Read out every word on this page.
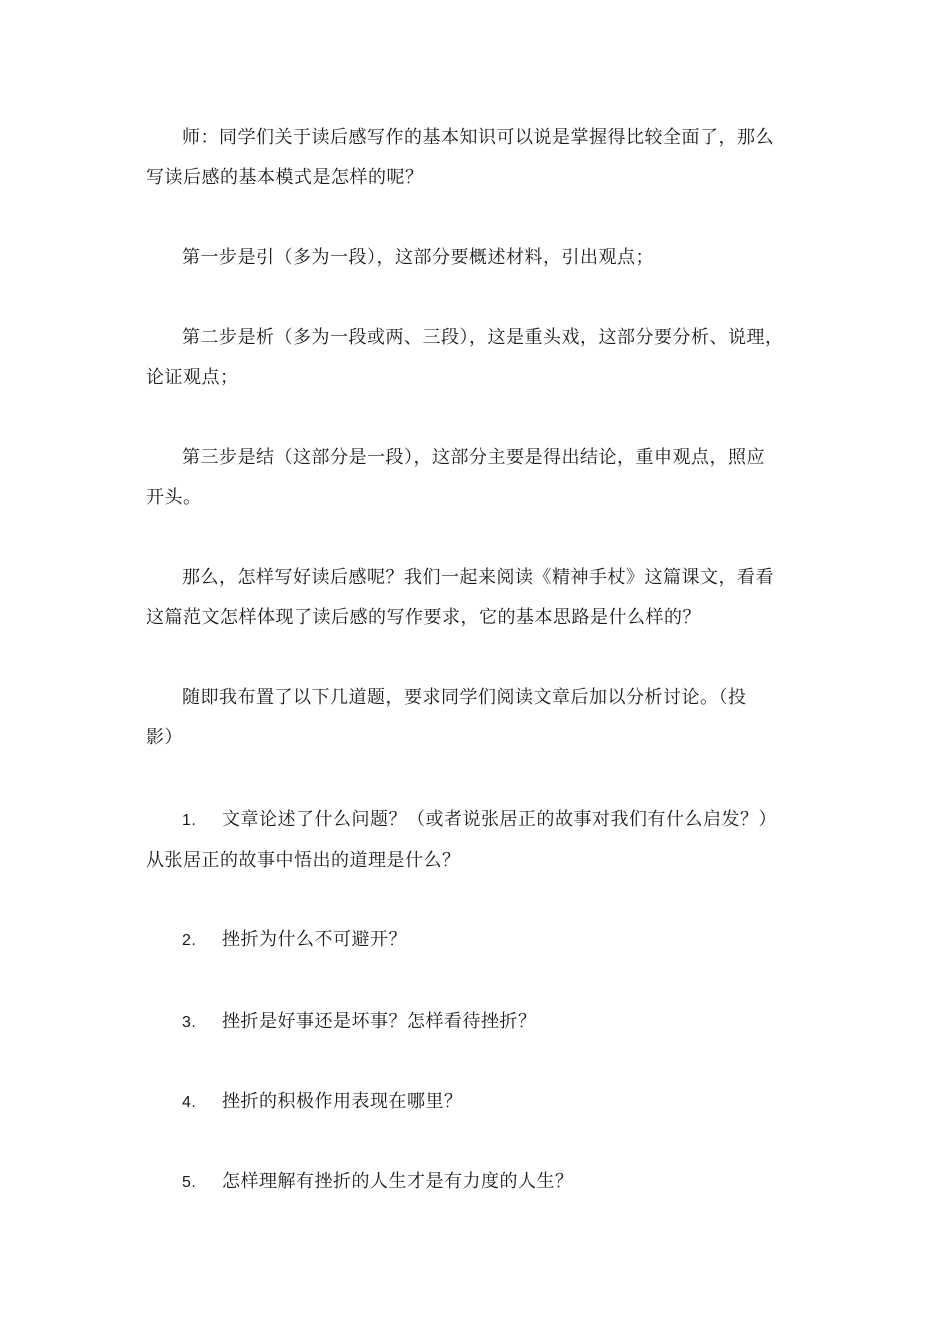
师：同学们关于读后感写作的基本知识可以说是掌握得比较全面了，那么
写读后感的基本模式是怎样的呢？

第一步是引（多为一段），这部分要概述材料，引出观点；

第二步是析（多为一段或两、三段），这是重头戏，这部分要分析、说理，
论证观点；

第三步是结（这部分是一段），这部分主要是得出结论，重申观点，照应
开头。

那么，怎样写好读后感呢？我们一起来阅读《精神手杖》这篇课文，看看
这篇范文怎样体现了读后感的写作要求，它的基本思路是什么样的？

随即我布置了以下几道题，要求同学们阅读文章后加以分析讨论。（投
影）

1. 文章论述了什么问题？（或者说张居正的故事对我们有什么启发？）
从张居正的故事中悟出的道理是什么？

2. 挫折为什么不可避开？

3. 挫折是好事还是坏事？怎样看待挫折？

4. 挫折的积极作用表现在哪里？

5. 怎样理解有挫折的人生才是有力度的人生？
